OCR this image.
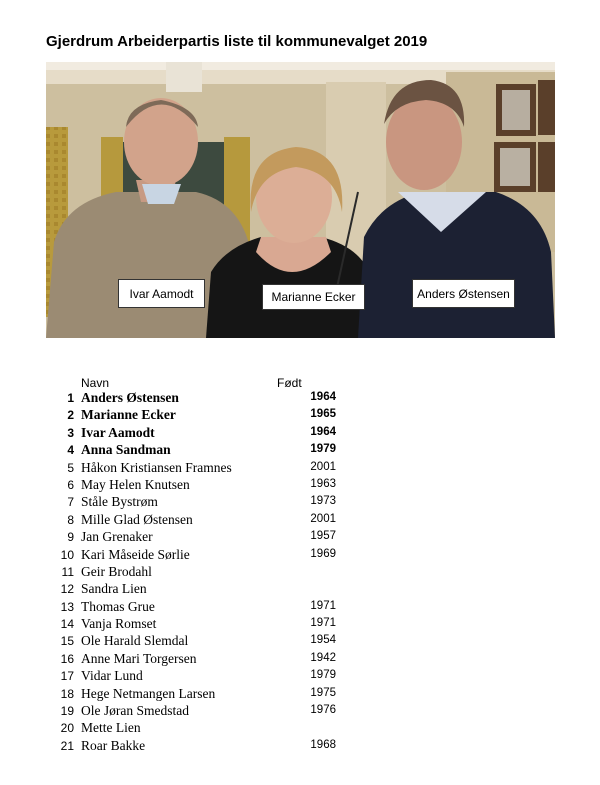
Gjerdrum Arbeiderpartis liste til kommunevalget 2019
Ivar Aamodt	Marianne Ecker	Anders Østensen
Navn	Født
1 Anders Østensen	1964
2 Marianne Ecker	1965
3 Ivar Aamodt	1964
4 Anna Sandman	1979
5 Håkon Kristiansen Framnes	2001
6 May Helen Knutsen	1963
7 Ståle Bystrøm	1973
8 Mille Glad Østensen	2001
9 Jan Grenaker	1957
10 Kari Måseide Sørlie	1969
11 Geir Brodahl
12 Sandra Lien
13 Thomas Grue	1971
14 Vanja Romset	1971
15 Ole Harald Slemdal	1954
16 Anne Mari Torgersen	1942
17 Vidar Lund	1979
18 Hege Netmangen Larsen	1975
19 Ole Jøran Smedstad	1976
20 Mette Lien
21 Roar Bakke	1968
